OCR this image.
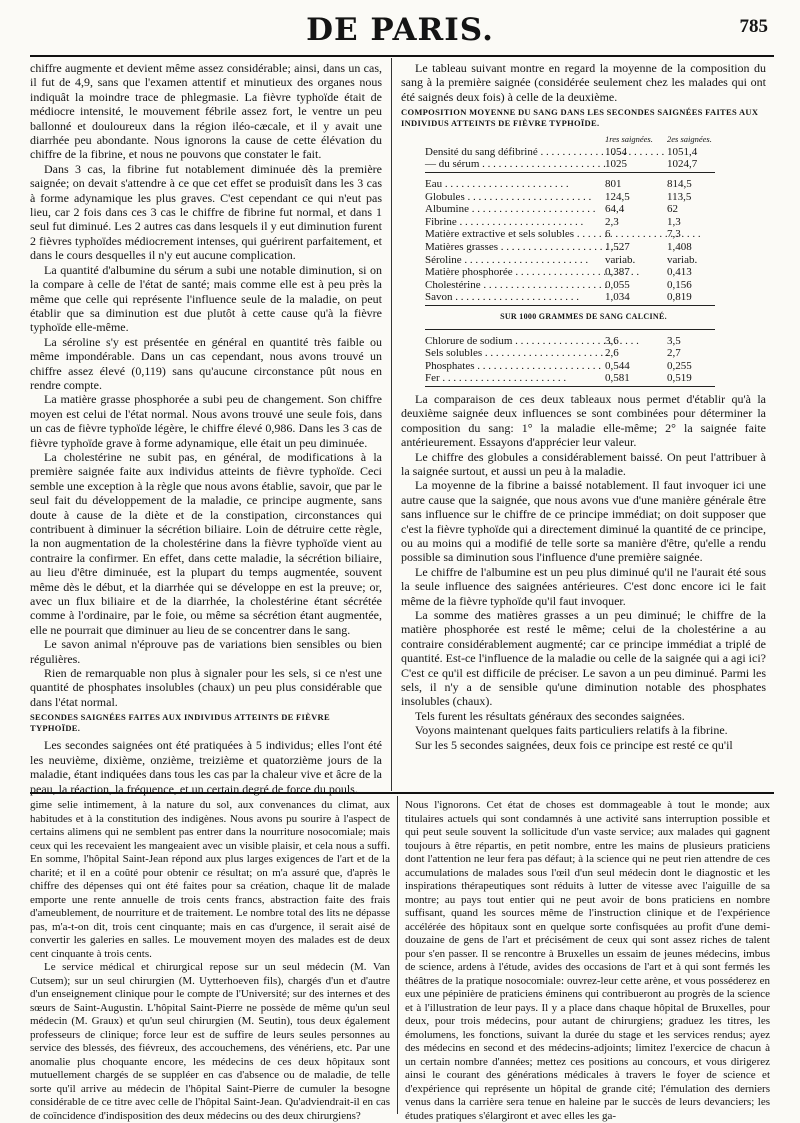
DE PARIS.	785

chiffre augmente et devient même assez considérable; ainsi, dans un cas, il fut de 4,9, sans que l'examen attentif et minutieux des organes nous indiquât la moindre trace de phlegmasie. La fièvre typhoïde était de médiocre intensité, le mouvement fébrile assez fort, le ventre un peu ballonné et douloureux dans la région iléo-cæcale, et il y avait une diarrhée peu abondante. Nous ignorons la cause de cette élévation du chiffre de la fibrine, et nous ne pouvons que constater le fait.

Dans 3 cas, la fibrine fut notablement diminuée dès la première saignée; on devait s'attendre à ce que cet effet se produisît dans les 3 cas à forme adynamique les plus graves. C'est cependant ce qui n'eut pas lieu, car 2 fois dans ces 3 cas le chiffre de fibrine fut normal, et dans 1 seul fut diminué. Les 2 autres cas dans lesquels il y eut diminution furent 2 fièvres typhoïdes médiocrement intenses, qui guérirent parfaitement, et dans le cours desquelles il n'y eut aucune complication.

La quantité d'albumine du sérum a subi une notable diminution, si on la compare à celle de l'état de santé; mais comme elle est à peu près la même que celle qui représente l'influence seule de la maladie, on peut établir que sa diminution est due plutôt à cette cause qu'à la fièvre typhoïde elle-même.

La séroline s'y est présentée en général en quantité très faible ou même impondérable. Dans un cas cependant, nous avons trouvé un chiffre assez élevé (0,119) sans qu'aucune circonstance pût nous en rendre compte.

La matière grasse phosphorée a subi peu de changement. Son chiffre moyen est celui de l'état normal. Nous avons trouvé une seule fois, dans un cas de fièvre typhoïde légère, le chiffre élevé 0,986. Dans les 3 cas de fièvre typhoïde grave à forme adynamique, elle était un peu diminuée.

La cholestérine ne subit pas, en général, de modifications à la première saignée faite aux individus atteints de fièvre typhoïde. Ceci semble une exception à la règle que nous avons établie, savoir, que par le seul fait du développement de la maladie, ce principe augmente, sans doute à cause de la diète et de la constipation, circonstances qui contribuent à diminuer la sécrétion biliaire. Loin de détruire cette règle, la non augmentation de la cholestérine dans la fièvre typhoïde vient au contraire la confirmer. En effet, dans cette maladie, la sécrétion biliaire, au lieu d'être diminuée, est la plupart du temps augmentée, souvent même dès le début, et la diarrhée qui se développe en est la preuve; or, avec un flux biliaire et de la diarrhée, la cholestérine étant sécrétée comme à l'ordinaire, par le foie, ou même sa sécrétion étant augmentée, elle ne pourrait que diminuer au lieu de se concentrer dans le sang.

Le savon animal n'éprouve pas de variations bien sensibles ou bien régulières.

Rien de remarquable non plus à signaler pour les sels, si ce n'est une quantité de phosphates insolubles (chaux) un peu plus considérable que dans l'état normal.

SECONDES SAIGNÉES FAITES AUX INDIVIDUS ATTEINTS DE FIÈVRE TYPHOÏDE.

Les secondes saignées ont été pratiquées à 5 individus; elles l'ont été les neuvième, dixième, onzième, treizième et quatorzième jours de la maladie, étant indiquées dans tous les cas par la chaleur vive et âcre de la peau, la réaction, la fréquence, et un certain degré de force du pouls.

Le tableau suivant montre en regard la moyenne de la composition du sang à la première saignée (considérée seulement chez les malades qui ont été saignés deux fois) à celle de la deuxième.

COMPOSITION MOYENNE DU SANG DANS LES SECONDES SAIGNÉES FAITES AUX INDIVIDUS ATTEINTS DE FIÈVRE TYPHOÏDE.

1res saignées.	2es saignées.
Densité du sang défibriné . . .	1054	1051,4
— du sérum . . .	1025	1024,7
Eau . . .	801	814,5
Globules . . .	124,5	113,5
Albumine . . .	64,4	62
Fibrine . . .	2,3	1,3
Matière extractive et sels solubles . . .	6	7,3
Matières grasses . . .	1,527	1,408
Séroline . . .	variab.	variab.
Matière phosphorée . . .	0,387	0,413
Cholestérine . . .	0,055	0,156
Savon . . .	1,034	0,819
SUR 1000 GRAMMES DE SANG CALCINÉ.
Chlorure de sodium . . .	3,6	3,5
Sels solubles . . .	2,6	2,7
Phosphates . . .	0,544	0,255
Fer . . .	0,581	0,519

La comparaison de ces deux tableaux nous permet d'établir qu'à la deuxième saignée deux influences se sont combinées pour déterminer la composition du sang: 1° la maladie elle-même; 2° la saignée faite antérieurement. Essayons d'apprécier leur valeur.

Le chiffre des globules a considérablement baissé. On peut l'attribuer à la saignée surtout, et aussi un peu à la maladie.

La moyenne de la fibrine a baissé notablement. Il faut invoquer ici une autre cause que la saignée, que nous avons vue d'une manière générale être sans influence sur le chiffre de ce principe immédiat; on doit supposer que c'est la fièvre typhoïde qui a directement diminué la quantité de ce principe, ou au moins qui a modifié de telle sorte sa manière d'être, qu'elle a rendu possible sa diminution sous l'influence d'une première saignée.

Le chiffre de l'albumine est un peu plus diminué qu'il ne l'aurait été sous la seule influence des saignées antérieures. C'est donc encore ici le fait même de la fièvre typhoïde qu'il faut invoquer.

La somme des matières grasses a un peu diminué; le chiffre de la matière phosphorée est resté le même; celui de la cholestérine a au contraire considérablement augmenté; car ce principe immédiat a triplé de quantité. Est-ce l'influence de la maladie ou celle de la saignée qui a agi ici? C'est ce qu'il est difficile de préciser. Le savon a un peu diminué. Parmi les sels, il n'y a de sensible qu'une diminution notable des phosphates insolubles (chaux).

Tels furent les résultats généraux des secondes saignées.

Voyons maintenant quelques faits particuliers relatifs à la fibrine.

Sur les 5 secondes saignées, deux fois ce principe est resté ce qu'il

gime selie intimement, à la nature du sol, aux convenances du climat, aux habitudes et à la constitution des indigènes. Nous avons pu sourire à l'aspect de certains alimens qui ne semblent pas entrer dans la nourriture nosocomiale; mais ceux qui les recevaient les mangeaient avec un visible plaisir, et cela nous a suffi. En somme, l'hôpital Saint-Jean répond aux plus larges exigences de l'art et de la charité; et il en a coûté pour obtenir ce résultat; on m'a assuré que, d'après le chiffre des dépenses qui ont été faites pour sa création, chaque lit de malade emporte une rente annuelle de trois cents francs, abstraction faite des frais d'ameublement, de nourriture et de traitement. Le nombre total des lits ne dépasse pas, m'a-t-on dit, trois cent cinquante; mais en cas d'urgence, il serait aisé de convertir les galeries en salles. Le mouvement moyen des malades est de deux cent cinquante à trois cents.

Le service médical et chirurgical repose sur un seul médecin (M. Van Cutsem); sur un seul chirurgien (M. Uytterhoeven fils), chargés d'un et d'autre d'un enseignement clinique pour le compte de l'Université; sur des internes et des sœurs de Saint-Augustin. L'hôpital Saint-Pierre ne possède de même qu'un seul médecin (M. Graux) et qu'un seul chirurgien (M. Seutin), tous deux également professeurs de clinique; force leur est de suffire de leurs seules personnes au service des blessés, des fiévreux, des accouchemens, des vénériens, etc. Par une anomalie plus choquante encore, les médecins de ces deux hôpitaux sont mutuellement chargés de se suppléer en cas d'absence ou de maladie, de telle sorte qu'il arrive au médecin de l'hôpital Saint-Pierre de cumuler la besogne considérable de ce titre avec celle de l'hôpital Saint-Jean. Qu'adviendrait-il en cas de coïncidence d'indisposition des deux médecins ou des deux chirurgiens?

Nous l'ignorons. Cet état de choses est dommageable à tout le monde; aux titulaires actuels qui sont condamnés à une activité sans interruption possible et qui peut seule souvent la sollicitude d'un vaste service; aux malades qui gagnent toujours à être répartis, en petit nombre, entre les mains de plusieurs praticiens dont l'attention ne leur fera pas défaut; à la science qui ne peut rien attendre de ces accumulations de malades sous l'œil d'un seul médecin dont le diagnostic et les inspirations thérapeutiques sont réduits à lutter de vitesse avec l'aiguille de sa montre; au pays tout entier qui ne peut avoir de bons praticiens en nombre suffisant, quand les sources même de l'instruction clinique et de l'expérience accélérée des hôpitaux sont en quelque sorte confisquées au profit d'une demi-douzaine de gens de l'art et précisément de ceux qui sont assez riches de talent pour s'en passer. Il se rencontre à Bruxelles un essaim de jeunes médecins, imbus de science, ardens à l'étude, avides des occasions de l'art et à qui sont fermés les théâtres de la pratique nosocomiale: ouvrez-leur cette arène, et vous posséderez en eux une pépinière de praticiens éminens qui contribueront au progrès de la science et à l'illustration de leur pays. Il y a place dans chaque hôpital de Bruxelles, pour deux, pour trois médecins, pour autant de chirurgiens; graduez les titres, les émolumens, les fonctions, suivant la durée du stage et les services rendus; ayez des médecins en second et des médecins-adjoints; limitez l'exercice de chacun à un certain nombre d'années; mettez ces positions au concours, et vous dirigerez ainsi le courant des générations médicales à travers le foyer de science et d'expérience qui représente un hôpital de grande cité; l'émulation des derniers venus dans la carrière sera tenue en haleine par le succès de leurs devanciers; les études pratiques s'élargiront et avec elles les ga-
